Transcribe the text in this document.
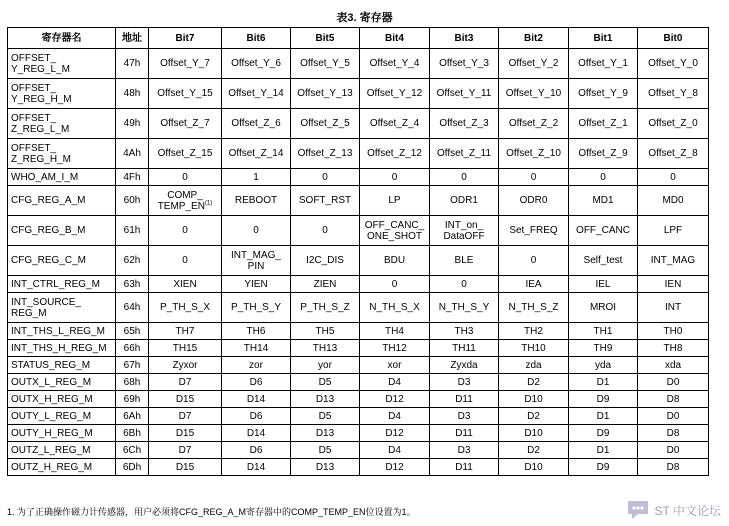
表3. 寄存器
寄存器名	地址	Bit7	Bit6	Bit5	Bit4	Bit3	Bit2	Bit1	Bit0
OFFSET_
Y_REG_L_M	47h	Offset_Y_7	Offset_Y_6	Offset_Y_5	Offset_Y_4	Offset_Y_3	Offset_Y_2	Offset_Y_1	Offset_Y_0
OFFSET_
Y_REG_H_M	48h	Offset_Y_15	Offset_Y_14	Offset_Y_13	Offset_Y_12	Offset_Y_11	Offset_Y_10	Offset_Y_9	Offset_Y_8
OFFSET_
Z_REG_L_M	49h	Offset_Z_7	Offset_Z_6	Offset_Z_5	Offset_Z_4	Offset_Z_3	Offset_Z_2	Offset_Z_1	Offset_Z_0
OFFSET_
Z_REG_H_M	4Ah	Offset_Z_15	Offset_Z_14	Offset_Z_13	Offset_Z_12	Offset_Z_11	Offset_Z_10	Offset_Z_9	Offset_Z_8
WHO_AM_I_M	4Fh	0	1	0	0	0	0	0	0
CFG_REG_A_M	60h	COMP_
TEMP_EN$^{(1)}$	REBOOT	SOFT_RST	LP	ODR1	ODR0	MD1	MD0
CFG_REG_B_M	61h	0	0	0	OFF_CANC_
ONE_SHOT	INT_on_
DataOFF	Set_FREQ	OFF_CANC	LPF
CFG_REG_C_M	62h	0	INT_MAG_
PIN	I2C_DIS	BDU	BLE	0	Self_test	INT_MAG
INT_CTRL_REG_M	63h	XIEN	YIEN	ZIEN	0	0	IEA	IEL	IEN
INT_SOURCE_
REG_M	64h	P_TH_S_X	P_TH_S_Y	P_TH_S_Z	N_TH_S_X	N_TH_S_Y	N_TH_S_Z	MROI	INT
INT_THS_L_REG_M	65h	TH7	TH6	TH5	TH4	TH3	TH2	TH1	TH0
INT_THS_H_REG_M	66h	TH15	TH14	TH13	TH12	TH11	TH10	TH9	TH8
STATUS_REG_M	67h	Zyxor	zor	yor	xor	Zyxda	zda	yda	xda
OUTX_L_REG_M	68h	D7	D6	D5	D4	D3	D2	D1	D0
OUTX_H_REG_M	69h	D15	D14	D13	D12	D11	D10	D9	D8
OUTY_L_REG_M	6Ah	D7	D6	D5	D4	D3	D2	D1	D0
OUTY_H_REG_M	6Bh	D15	D14	D13	D12	D11	D10	D9	D8
OUTZ_L_REG_M	6Ch	D7	D6	D5	D4	D3	D2	D1	D0
OUTZ_H_REG_M	6Dh	D15	D14	D13	D12	D11	D10	D9	D8
1. 为了正确操作磁力计传感器，用户必须将CFG_REG_A_M寄存器中的COMP_TEMP_EN位设置为1。	ST 中文论坛
